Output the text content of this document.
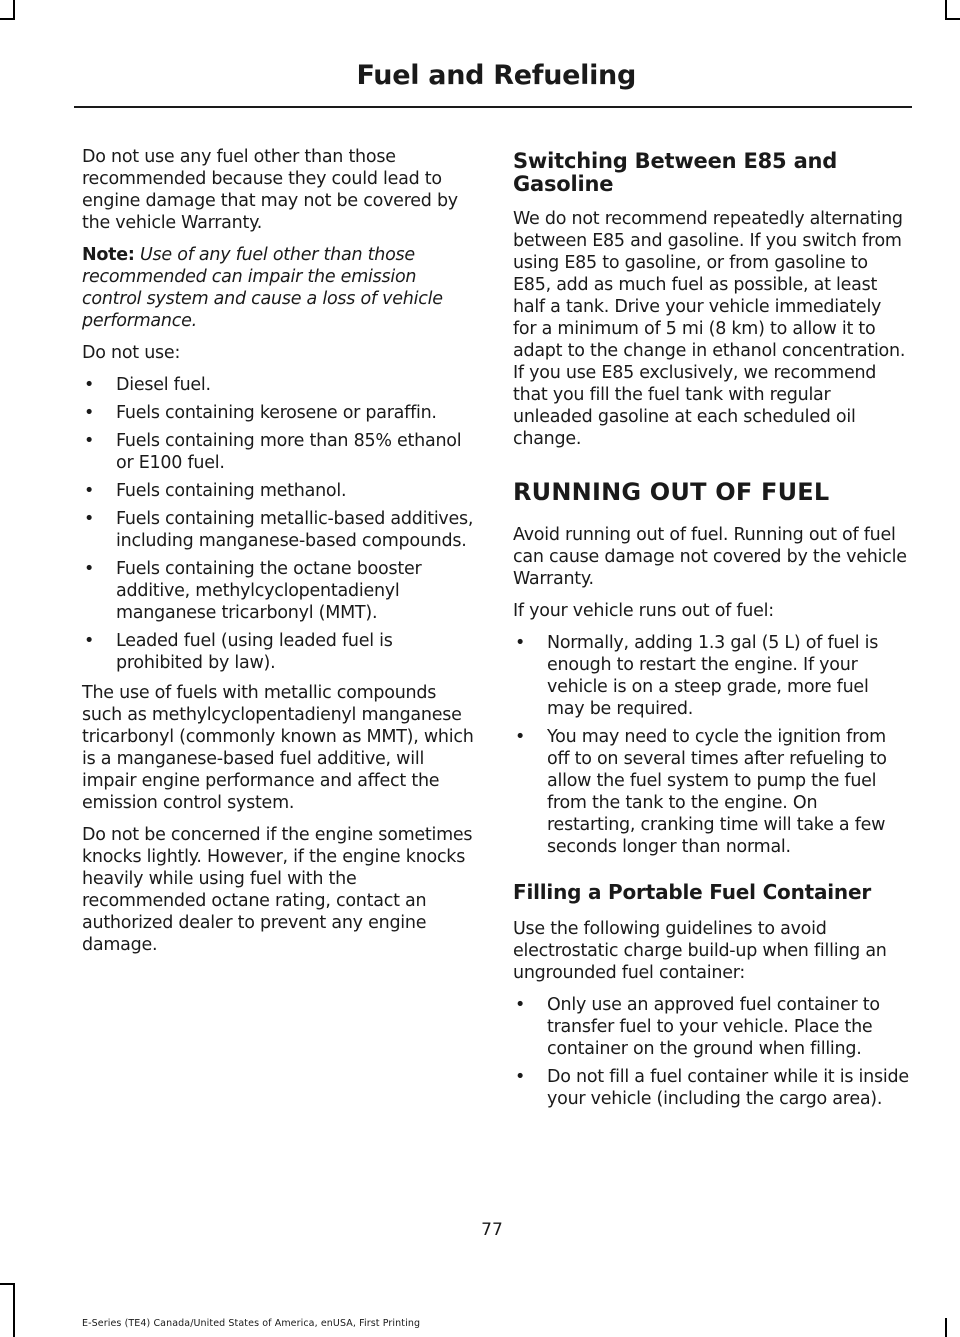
Fuel and Refueling

Do not use any fuel other than those recommended because they could lead to engine damage that may not be covered by the vehicle Warranty.

Note: Use of any fuel other than those recommended can impair the emission control system and cause a loss of vehicle performance.

Do not use:

• Diesel fuel.
• Fuels containing kerosene or paraffin.
• Fuels containing more than 85% ethanol or E100 fuel.
• Fuels containing methanol.
• Fuels containing metallic-based additives, including manganese-based compounds.
• Fuels containing the octane booster additive, methylcyclopentadienyl manganese tricarbonyl (MMT).
• Leaded fuel (using leaded fuel is prohibited by law).

The use of fuels with metallic compounds such as methylcyclopentadienyl manganese tricarbonyl (commonly known as MMT), which is a manganese-based fuel additive, will impair engine performance and affect the emission control system.

Do not be concerned if the engine sometimes knocks lightly. However, if the engine knocks heavily while using fuel with the recommended octane rating, contact an authorized dealer to prevent any engine damage.

Switching Between E85 and Gasoline

We do not recommend repeatedly alternating between E85 and gasoline. If you switch from using E85 to gasoline, or from gasoline to E85, add as much fuel as possible, at least half a tank. Drive your vehicle immediately for a minimum of 5 mi (8 km) to allow it to adapt to the change in ethanol concentration. If you use E85 exclusively, we recommend that you fill the fuel tank with regular unleaded gasoline at each scheduled oil change.

RUNNING OUT OF FUEL

Avoid running out of fuel. Running out of fuel can cause damage not covered by the vehicle Warranty.

If your vehicle runs out of fuel:

• Normally, adding 1.3 gal (5 L) of fuel is enough to restart the engine. If your vehicle is on a steep grade, more fuel may be required.
• You may need to cycle the ignition from off to on several times after refueling to allow the fuel system to pump the fuel from the tank to the engine. On restarting, cranking time will take a few seconds longer than normal.
Filling a Portable Fuel Container

Use the following guidelines to avoid electrostatic charge build-up when filling an ungrounded fuel container:

• Only use an approved fuel container to transfer fuel to your vehicle. Place the container on the ground when filling.
• Do not fill a fuel container while it is inside your vehicle (including the cargo area).
77
E-Series (TE4) Canada/United States of America, enUSA, First Printing
